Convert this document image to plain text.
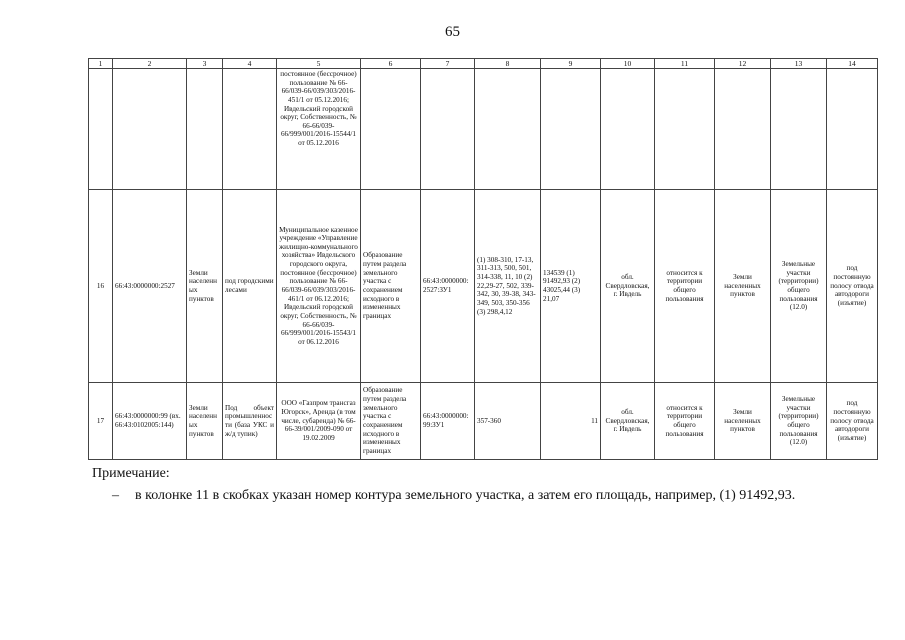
65
1	2	3	4	5	6	7	8	9	10	11	12	13	14
				постоянное (бессрочное) пользование № 66-66/039-66/039/303/2016-451/1 от 05.12.2016; Ивдельский городской округ, Собственность, № 66-66/039-66/999/001/2016-15544/1 от 05.12.2016									
16	66:43:0000000:2527	Земли населенных пунктов	под городскими лесами	Муниципальное казенное учреждение «Управление жилищно-коммунального хозяйства» Ивдельского городского округа, постоянное (бессрочное) пользование № 66-66/039-66/039/303/2016-461/1 от 06.12.2016; Ивдельский городской округ, Собственность, № 66-66/039-66/999/001/2016-15543/1 от 06.12.2016	Образование путем раздела земельного участка с сохранением исходного в измененных границах	66:43:0000000:2527:ЗУ1	(1) 308-310, 17-13, 311-313, 500, 501, 314-338, 11, 10 (2) 22,29-27, 502, 339-342, 30, 39-38, 343-349, 503, 350-356 (3) 298,4,12	134539 (1) 91492,93 (2) 43025,44 (3) 21,07	обл. Свердловская, г. Ивдель	относится к территории общего пользования	Земли населенных пунктов	Земельные участки (территории) общего пользования (12.0)	под постоянную полосу отвода автодороги (изъятие)
17	66:43:0000000:99 (вх. 66:43:0102005:144)	Земли населенных пунктов	Под объект промышленности (база УКС и ж/д тупик)	ООО «Газпром трансгаз Югорск», Аренда (в том числе, субаренда) № 66-66-39/001/2009-090 от 19.02.2009	Образование путем раздела земельного участка с сохранением исходного в измененных границах	66:43:0000000:99:ЗУ1	357-360	11	обл. Свердловская, г. Ивдель	относится к территории общего пользования	Земли населенных пунктов	Земельные участки (территории) общего пользования (12.0)	под постоянную полосу отвода автодороги (изъятие)
Примечание:
– в колонке 11 в скобках указан номер контура земельного участка, а затем его площадь, например, (1) 91492,93.
